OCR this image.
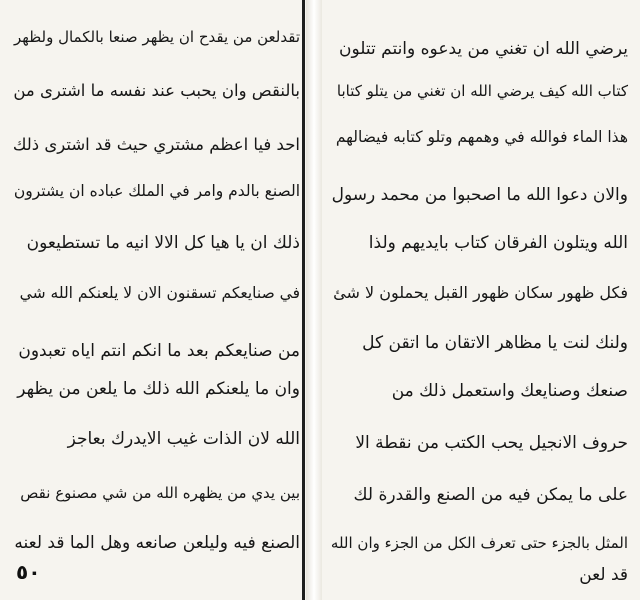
تقدلعن من يقدح ان يظهر صنعا بالكمال ولظهر
بالنقص وان يحبب عند نفسه ما اشترى من
احد فيا اعظم مشتري حيث قد اشترى ذلك
الصنع بالدم وامر في الملك عباده ان يشترون
ذلك ان يا هيا كل الالا انيه ما تستطيعون
في صنايعكم تسقنون الان لا يلعنكم الله شي
من صنايعكم بعد ما انكم انتم اياه تعبدون
وان ما يلعنكم الله ذلك ما يلعن من يظهر
الله لان الذات غيب الايدرك بعاجز
بين يدي من يظهره الله من شي مصنوع نقص
الصنع فيه وليلعن صانعه وهل الما قد لعنه
٥٠
يرضي الله ان تغني من يدعوه وانتم تتلون
كتاب الله كيف يرضي الله ان تغني من يتلو كتابا
هذا الماء فوالله في وهمهم وتلو كتابه فيضالهم
والان دعوا الله ما اصحبوا من محمد رسول
الله ويتلون الفرقان كتاب بايديهم ولذا
فكل ظهور سكان ظهور القبل يحملون لا شئ
ولنك لنت يا مظاهر الاتقان ما اتقن كل
صنعك وصنايعك واستعمل ذلك من
حروف الانجيل يحب الكتب من نقطة الا
على ما يمكن فيه من الصنع والقدرة لك
المثل بالجزء حتى تعرف الكل من الجزء وان الله
قد لعن
